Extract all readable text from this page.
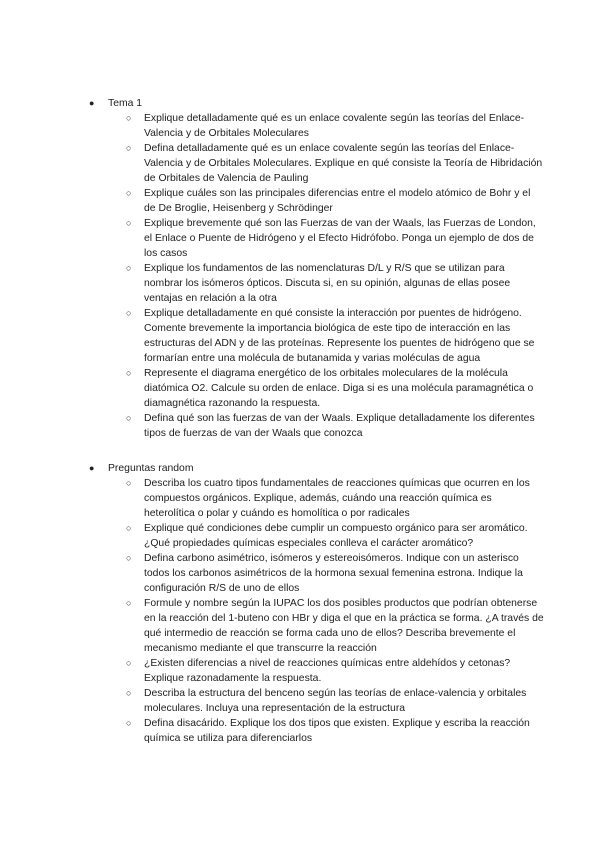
● Tema 1
○ Explique detalladamente qué es un enlace covalente según las teorías del Enlace-Valencia y de Orbitales Moleculares
○ Defina detalladamente qué es un enlace covalente según las teorías del Enlace-Valencia y de Orbitales Moleculares. Explique en qué consiste la Teoría de Hibridación de Orbitales de Valencia de Pauling
○ Explique cuáles son las principales diferencias entre el modelo atómico de Bohr y el de De Broglie, Heisenberg y Schrödinger
○ Explique brevemente qué son las Fuerzas de van der Waals, las Fuerzas de London, el Enlace o Puente de Hidrógeno y el Efecto Hidrófobo. Ponga un ejemplo de dos de los casos
○ Explique los fundamentos de las nomenclaturas D/L y R/S que se utilizan para nombrar los isómeros ópticos. Discuta si, en su opinión, algunas de ellas posee ventajas en relación a la otra
○ Explique detalladamente en qué consiste la interacción por puentes de hidrógeno. Comente brevemente la importancia biológica de este tipo de interacción en las estructuras del ADN y de las proteínas. Represente los puentes de hidrógeno que se formarían entre una molécula de butanamida y varias moléculas de agua
○ Represente el diagrama energético de los orbitales moleculares de la molécula diatómica O2. Calcule su orden de enlace. Diga si es una molécula paramagnética o diamagnética razonando la respuesta.
○ Defina qué son las fuerzas de van der Waals. Explique detalladamente los diferentes tipos de fuerzas de van der Waals que conozca
● Preguntas random
○ Describa los cuatro tipos fundamentales de reacciones químicas que ocurren en los compuestos orgánicos. Explique, además, cuándo una reacción química es heterolítica o polar y cuándo es homolítica o por radicales
○ Explique qué condiciones debe cumplir un compuesto orgánico para ser aromático. ¿Qué propiedades químicas especiales conlleva el carácter aromático?
○ Defina carbono asimétrico, isómeros y estereoisómeros. Indique con un asterisco todos los carbonos asimétricos de la hormona sexual femenina estrona. Indique la configuración R/S de uno de ellos
○ Formule y nombre según la IUPAC los dos posibles productos que podrían obtenerse en la reacción del 1-buteno con HBr y diga el que en la práctica se forma. ¿A través de qué intermedio de reacción se forma cada uno de ellos? Describa brevemente el mecanismo mediante el que transcurre la reacción
○ ¿Existen diferencias a nivel de reacciones químicas entre aldehídos y cetonas? Explique razonadamente la respuesta.
○ Describa la estructura del benceno según las teorías de enlace-valencia y orbitales moleculares. Incluya una representación de la estructura
○ Defina disacárido. Explique los dos tipos que existen. Explique y escriba la reacción química se utiliza para diferenciarlos
